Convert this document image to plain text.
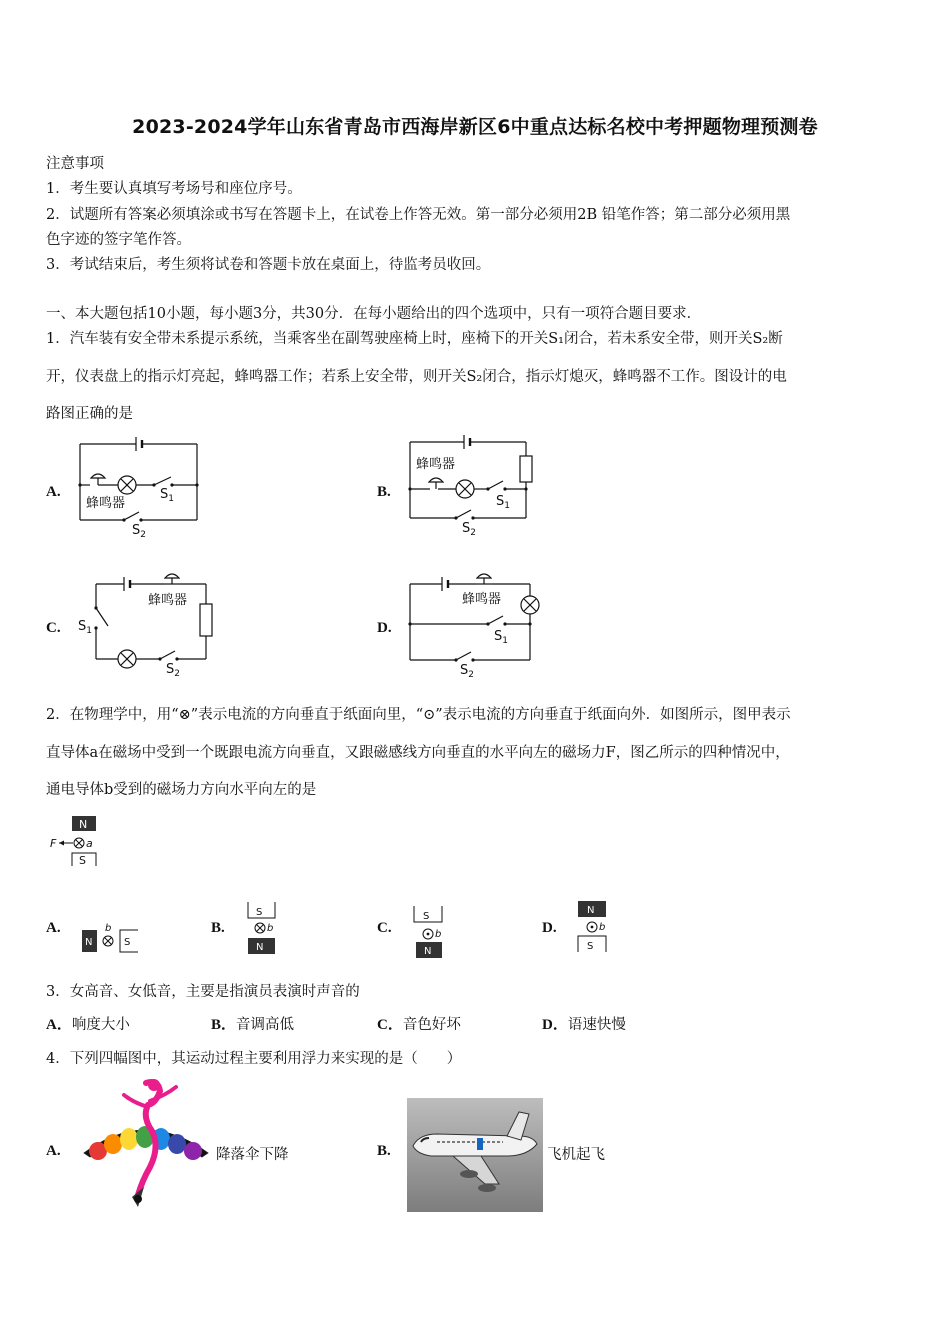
2023-2024学年山东省青岛市西海岸新区6中重点达标名校中考押题物理预测卷
注意事项
1．考生要认真填写考场号和座位序号。
2．试题所有答案必须填涂或书写在答题卡上，在试卷上作答无效。第一部分必须用2B 铅笔作答；第二部分必须用黑
色字迹的签字笔作答。
3．考试结束后，考生须将试卷和答题卡放在桌面上，待监考员收回。
一、本大题包括10小题，每小题3分，共30分．在每小题给出的四个选项中，只有一项符合题目要求．
1．汽车装有安全带未系提示系统，当乘客坐在副驾驶座椅上时，座椅下的开关S₁闭合，若未系安全带，则开关S₂断
开，仪表盘上的指示灯亮起，蜂鸣器工作；若系上安全带，则开关S₂闭合，指示灯熄灭，蜂鸣器不工作。图设计的电
路图正确的是
A.	B.
C.	D.
蜂鸣器
$S_1$
$S_2$
蜂鸣器
$S_1$
$S_2$
蜂鸣器
$S_1$
$S_2$
蜂鸣器
$S_1$
$S_2$
2．在物理学中，用“⊗”表示电流的方向垂直于纸面向里，“⊙”表示电流的方向垂直于纸面向外．如图所示，图甲表示
直导体a在磁场中受到一个既跟电流方向垂直，又跟磁感线方向垂直的水平向左的磁场力F，图乙所示的四种情况中，
通电导体b受到的磁场力方向水平向左的是
N
F	a
S
A.
N
b
S
B.
S
b
N
C.
S
b
N
D.
N
b
S
3．女高音、女低音，主要是指演员表演时声音的
A．响度大小	B．音调高低	C．音色好坏	D．语速快慢
4．下列四幅图中，其运动过程主要利用浮力来实现的是（　　）
A.	降落伞下降	B.	飞机起飞
